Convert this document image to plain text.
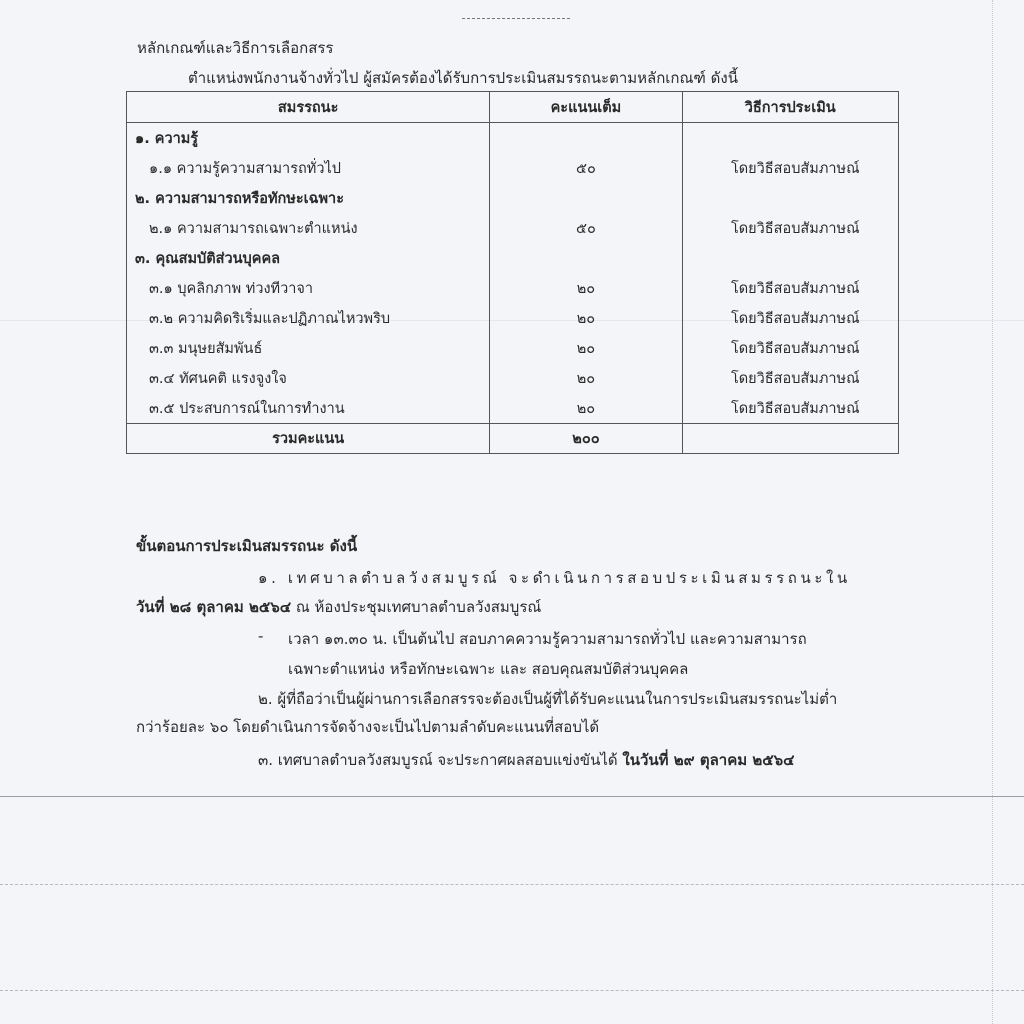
หลักเกณฑ์และวิธีการเลือกสรร
ตำแหน่งพนักงานจ้างทั่วไป ผู้สมัครต้องได้รับการประเมินสมรรถนะตามหลักเกณฑ์ ดังนี้
สมรรถนะ	คะแนนเต็ม	วิธีการประเมิน
๑. ความรู้		
๑.๑ ความรู้ความสามารถทั่วไป	๕๐	โดยวิธีสอบสัมภาษณ์
๒. ความสามารถหรือทักษะเฉพาะ		
๒.๑ ความสามารถเฉพาะตำแหน่ง	๕๐	โดยวิธีสอบสัมภาษณ์
๓. คุณสมบัติส่วนบุคคล		
๓.๑ บุคลิกภาพ ท่วงทีวาจา	๒๐	โดยวิธีสอบสัมภาษณ์
๓.๒ ความคิดริเริ่มและปฏิภาณไหวพริบ	๒๐	โดยวิธีสอบสัมภาษณ์
๓.๓ มนุษยสัมพันธ์	๒๐	โดยวิธีสอบสัมภาษณ์
๓.๔ ทัศนคติ แรงจูงใจ	๒๐	โดยวิธีสอบสัมภาษณ์
๓.๕ ประสบการณ์ในการทำงาน	๒๐	โดยวิธีสอบสัมภาษณ์
รวมคะแนน	๒๐๐	

ขั้นตอนการประเมินสมรรถนะ ดังนี้

๑. เทศบาลตำบลวังสมบูรณ์ จะดำเนินการสอบประเมินสมรรถนะใน
วันที่ ๒๘ ตุลาคม ๒๕๖๔ ณ ห้องประชุมเทศบาลตำบลวังสมบูรณ์
- เวลา ๑๓.๓๐ น. เป็นต้นไป สอบภาคความรู้ความสามารถทั่วไป และความสามารถ
เฉพาะตำแหน่ง หรือทักษะเฉพาะ และ สอบคุณสมบัติส่วนบุคคล
๒. ผู้ที่ถือว่าเป็นผู้ผ่านการเลือกสรรจะต้องเป็นผู้ที่ได้รับคะแนนในการประเมินสมรรถนะไม่ต่ำ
กว่าร้อยละ ๖๐ โดยดำเนินการจัดจ้างจะเป็นไปตามลำดับคะแนนที่สอบได้
๓. เทศบาลตำบลวังสมบูรณ์ จะประกาศผลสอบแข่งขันได้ ในวันที่ ๒๙ ตุลาคม ๒๕๖๔
